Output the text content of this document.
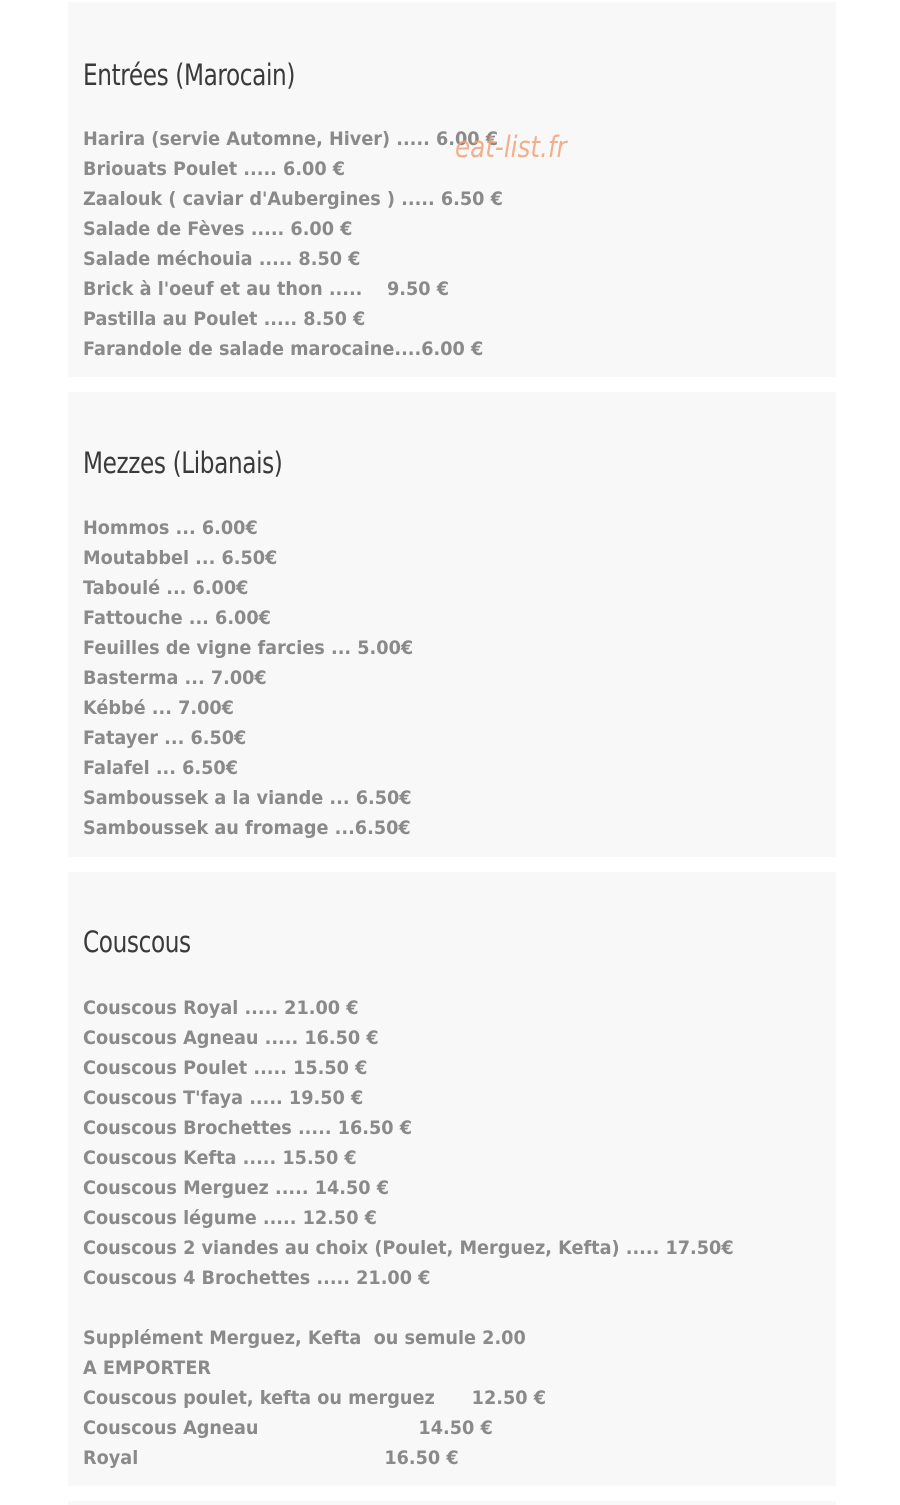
Entrées (Marocain)
Harira (servie Automne, Hiver) ..... 6.00 €
Briouats Poulet ..... 6.00 €
Zaalouk ( caviar d'Aubergines ) ..... 6.50 €
Salade de Fèves ..... 6.00 €
Salade méchouia ..... 8.50 €
Brick à l'oeuf et au thon .....    9.50 €
Pastilla au Poulet ..... 8.50 €
Farandole de salade marocaine....6.00 €
Mezzes (Libanais)
Hommos ... 6.00€
Moutabbel ... 6.50€
Taboulé ... 6.00€
Fattouche ... 6.00€
Feuilles de vigne farcies ... 5.00€
Basterma ... 7.00€
Kébbé ... 7.00€
Fatayer ... 6.50€
Falafel ... 6.50€
Samboussek a la viande ... 6.50€
Samboussek au fromage ...6.50€
Couscous
Couscous Royal ..... 21.00 €
Couscous Agneau ..... 16.50 €
Couscous Poulet ..... 15.50 €
Couscous T'faya ..... 19.50 €
Couscous Brochettes ..... 16.50 €
Couscous Kefta ..... 15.50 €
Couscous Merguez ..... 14.50 €
Couscous légume ..... 12.50 €
Couscous 2 viandes au choix (Poulet, Merguez, Kefta) ..... 17.50€
Couscous 4 Brochettes ..... 21.00 €
Supplément Merguez, Kefta  ou semule 2.00
A EMPORTER
Couscous poulet, kefta ou merguez      12.50 €
Couscous Agneau                          14.50 €
Royal                                        16.50 €
eat-list.fr
